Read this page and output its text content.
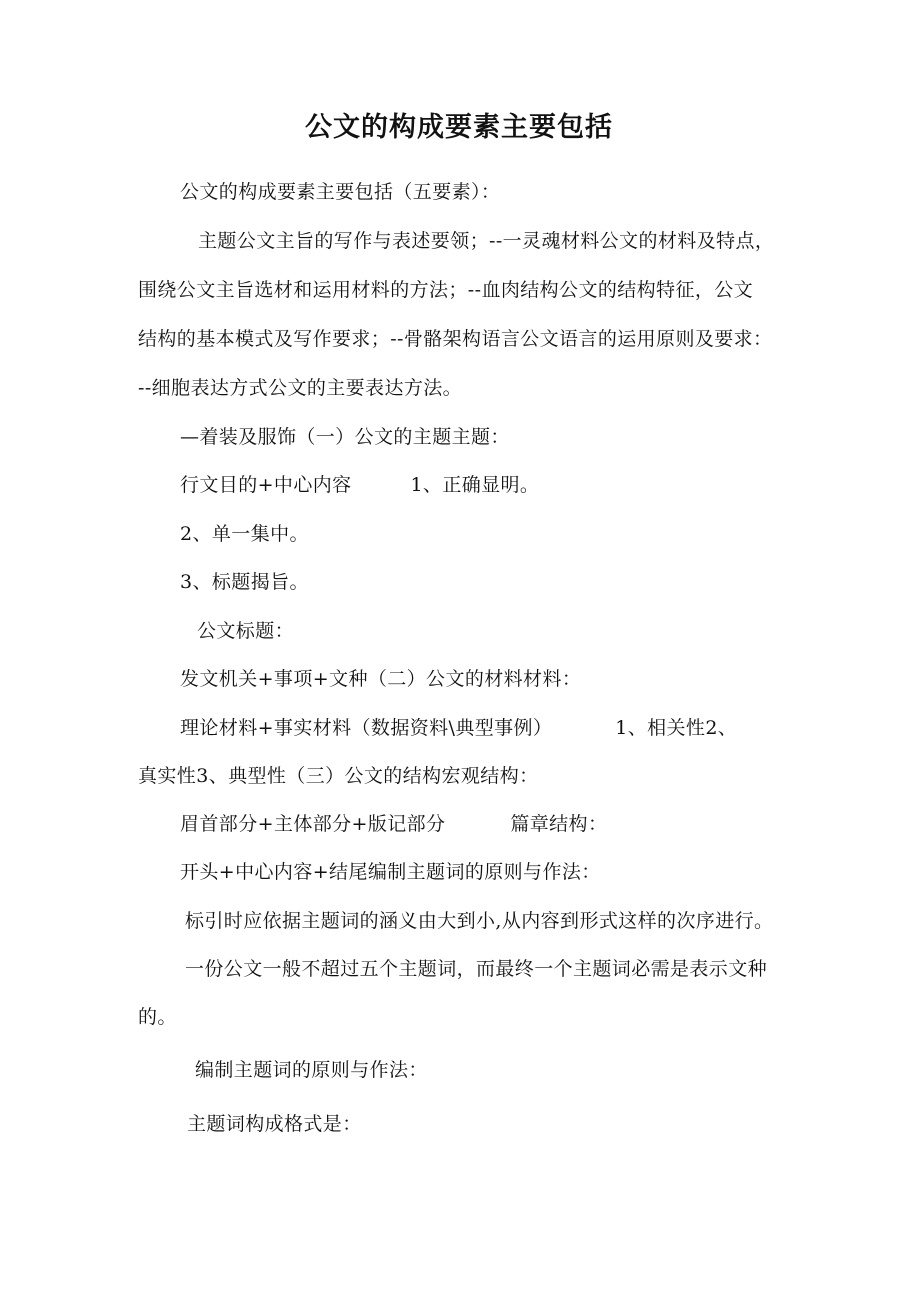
公文的构成要素主要包括

公文的构成要素主要包括（五要素）：

主题公文主旨的写作与表述要领；--一灵魂材料公文的材料及特点，

围绕公文主旨选材和运用材料的方法；--血肉结构公文的结构特征，公文

结构的基本模式及写作要求；--骨骼架构语言公文语言的运用原则及要求：

--细胞表达方式公文的主要表达方法。

—着装及服饰（一）公文的主题主题：

行文目的+中心内容	1、正确显明。

2、单一集中。

3、标题揭旨。

公文标题：

发文机关+事项+文种（二）公文的材料材料：

理论材料+事实材料（数据资料\典型事例）	1、相关性2、

真实性3、典型性（三）公文的结构宏观结构：

眉首部分+主体部分+版记部分	篇章结构：

开头+中心内容+结尾编制主题词的原则与作法：

标引时应依据主题词的涵义由大到小,从内容到形式这样的次序进行。

一份公文一般不超过五个主题词，而最终一个主题词必需是表示文种

的。

编制主题词的原则与作法：

主题词构成格式是：
